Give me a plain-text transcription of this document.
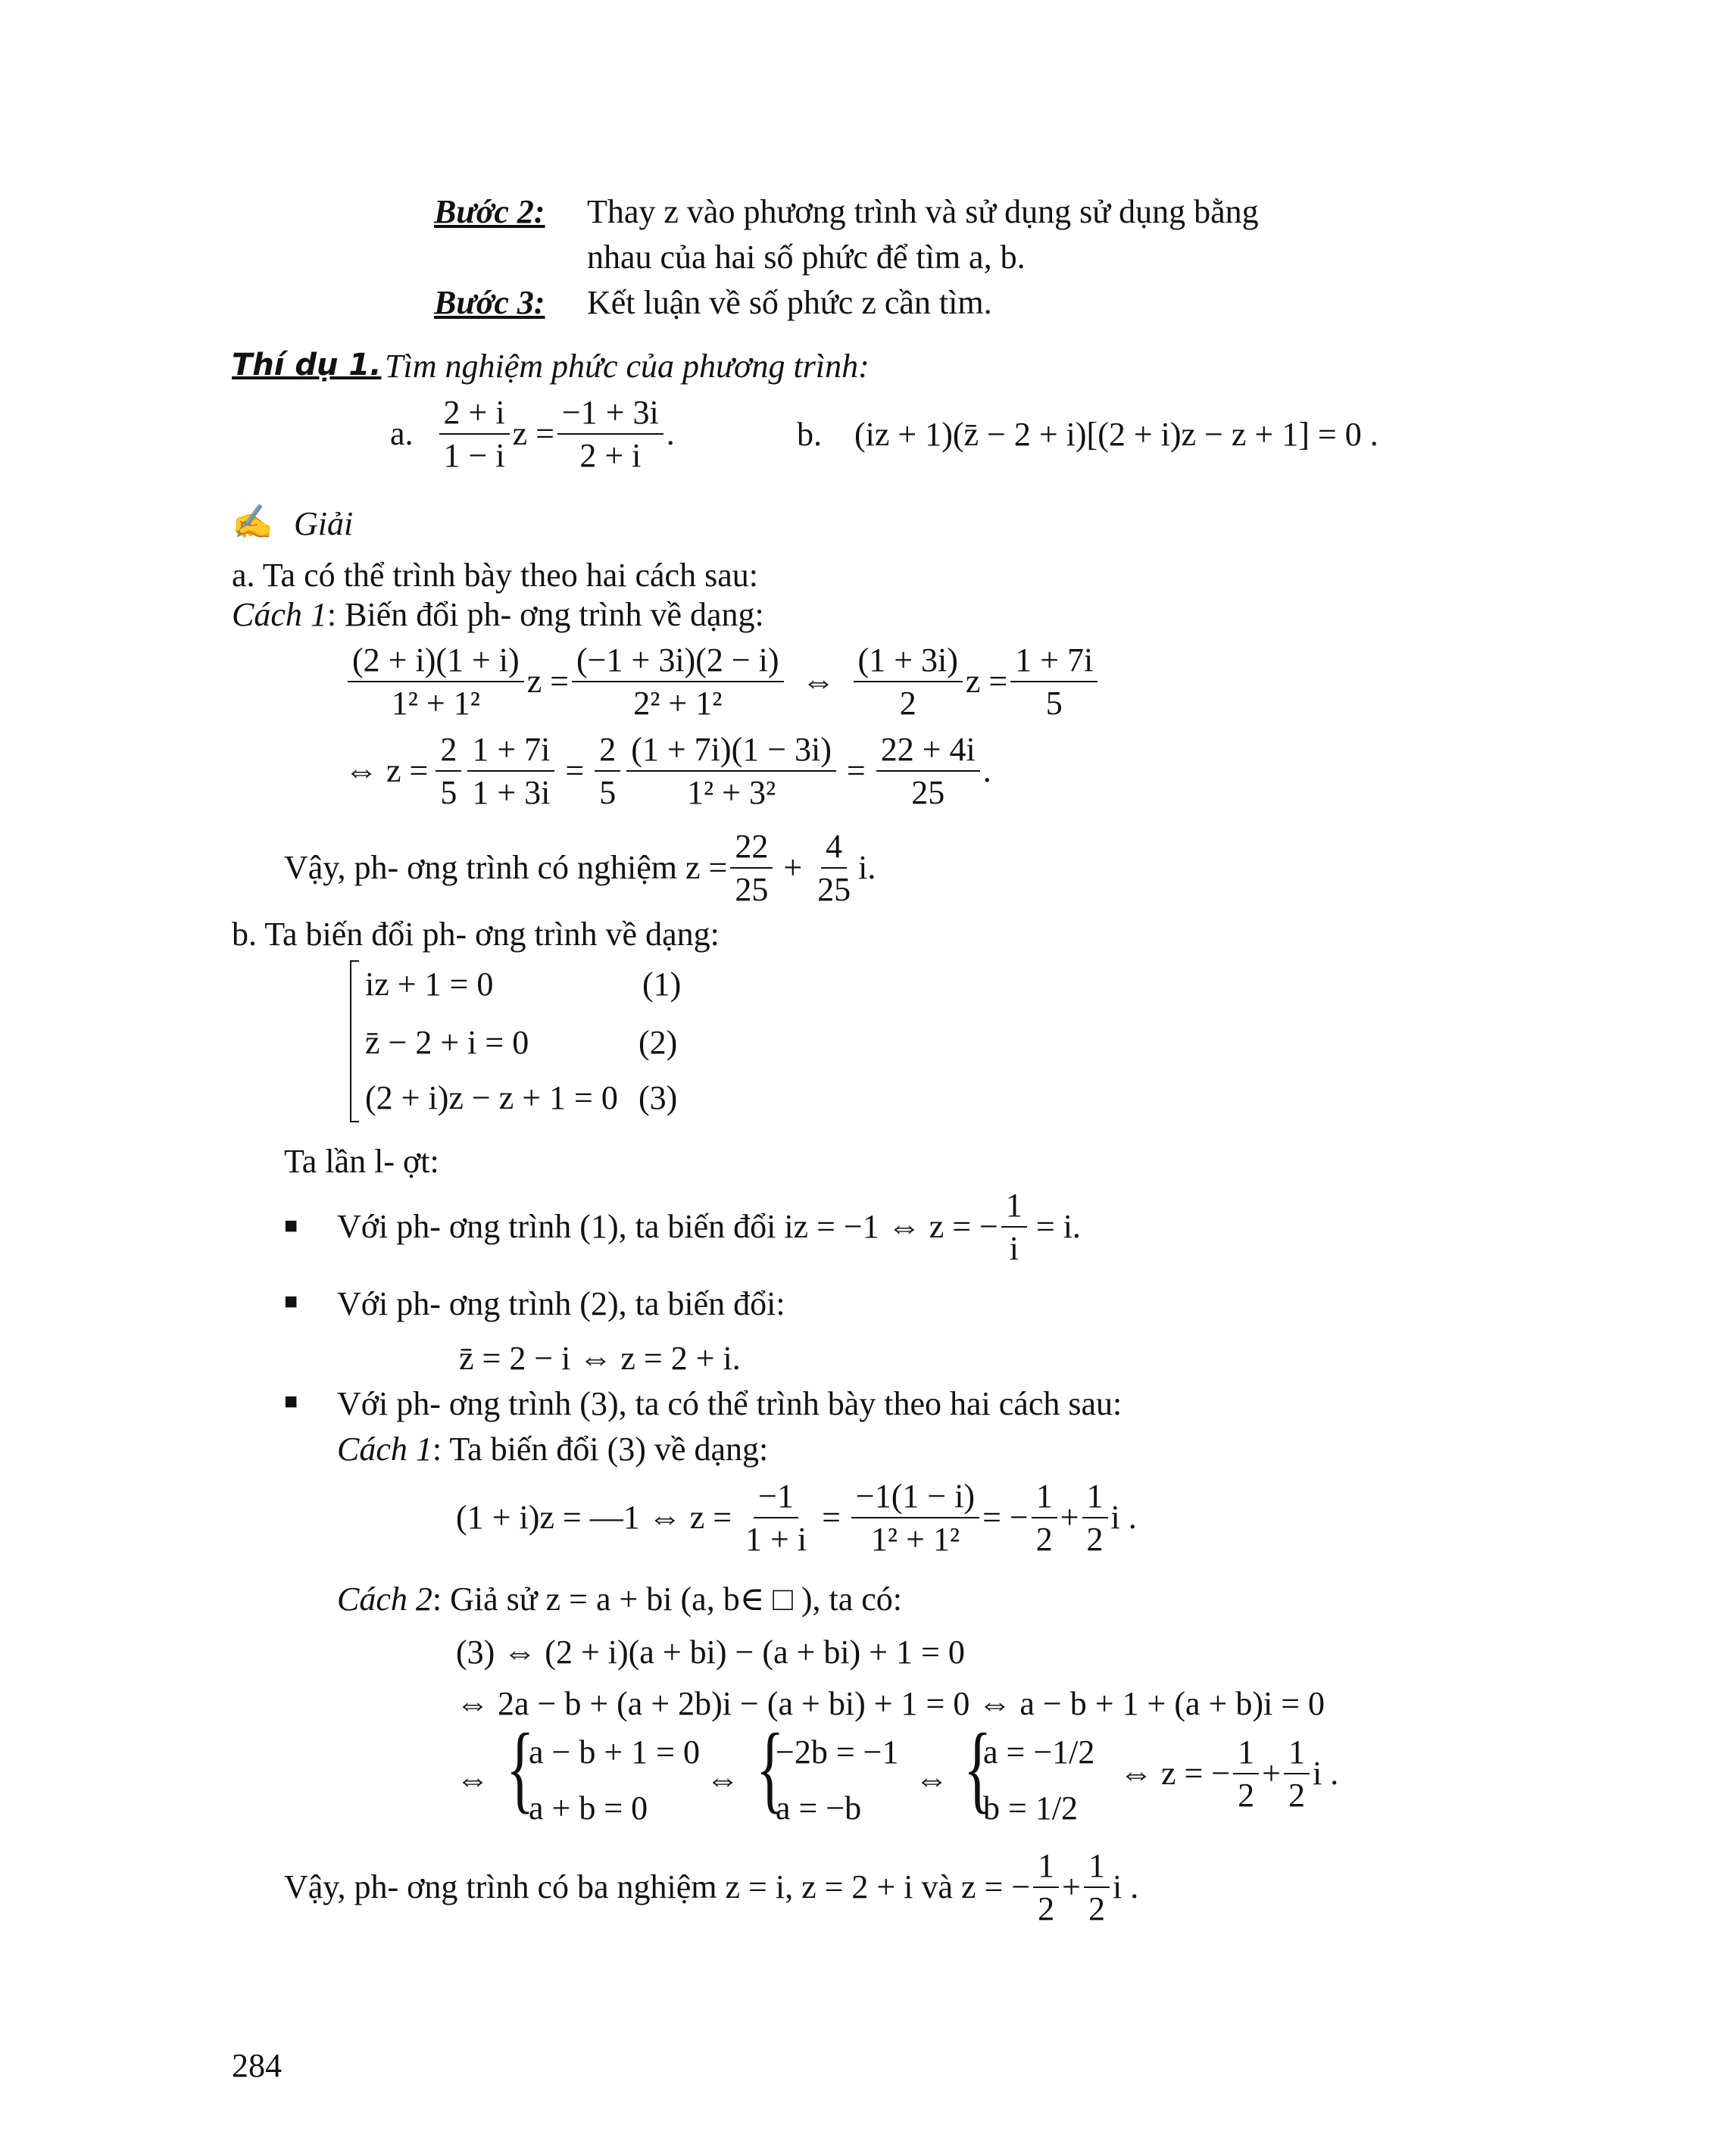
Bước 2: Thay z vào phương trình và sử dụng sử dụng bằng
nhau của hai số phức để tìm a, b.
Bước 3: Kết luận về số phức z cần tìm.
Thí dụ 1. Tìm nghiệm phức của phương trình:
a. $\frac{2 + i}{1 - i}$ $z = \frac{-1 + 3i}{2 + i}$ .	b. (iz + 1)(z̄ − 2 + i)[(2 + i)z − z + 1] = 0 .
✍ Giải
a. Ta có thể trình bày theo hai cách sau:
Cách 1: Biến đổi ph- ơng trình về dạng:
$\frac{(2 + i)(1 + i)}{\text{1² + 1²}}$ $z = \frac{(-1 + 3i)(2 - i)}{\text{2² + 1²}}$ ⇔ $\frac{(1 + 3i)}{2}$ $z = \frac{1 + 7i}{5}$
⇔ $z = \frac{2}{5} \frac{1 + 7i}{1 + 3i} = \frac{2}{5} \frac{(1 + 7i)(1 - 3i)}{\text{1² + 3²}} = \frac{22 + 4i}{25}$ .
Vậy, ph- ơng trình có nghiệm $z = \frac{22}{25} + \frac{4}{25} i$.
b. Ta biến đổi ph- ơng trình về dạng:
iz + 1 = 0	(1)
z̄ − 2 + i = 0	(2)
(2 + i)z − z + 1 = 0 (3)
Ta lần l- ợt:
■ Với ph- ơng trình (1), ta biến đổi iz = −1 ⇔ z = − $\frac{1}{i} = i$.
■ Với ph- ơng trình (2), ta biến đổi:
z̄ = 2 − i ⇔ z = 2 + i.
■ Với ph- ơng trình (3), ta có thể trình bày theo hai cách sau:
Cách 1: Ta biến đổi (3) về dạng:
(1 + i)z = —1 ⇔ $z = \frac{-1}{1 + i} = \frac{-1(1 - i)}{\text{1² + 1²}}$ = − $\frac{1}{2} + \frac{1}{2}$ i .
Cách 2: Giả sử z = a + bi (a, b∈ □ ), ta có:
(3) ⇔ (2 + i)(a + bi) − (a + bi) + 1 = 0
⇔ 2a − b + (a + 2b)i − (a + bi) + 1 = 0 ⇔ a − b + 1 + (a + b)i = 0
⇔ {
a − b + 1 = 0
a + b = 0
⇔ {
−2b = −1
a = −b
⇔ {
a = −1/2
b = 1/2
⇔ z = − $\frac{1}{2} + \frac{1}{2}$ i .
Vậy, ph- ơng trình có ba nghiệm z = i, z = 2 + i và z = − $\frac{1}{2} + \frac{1}{2}$ i .
284
